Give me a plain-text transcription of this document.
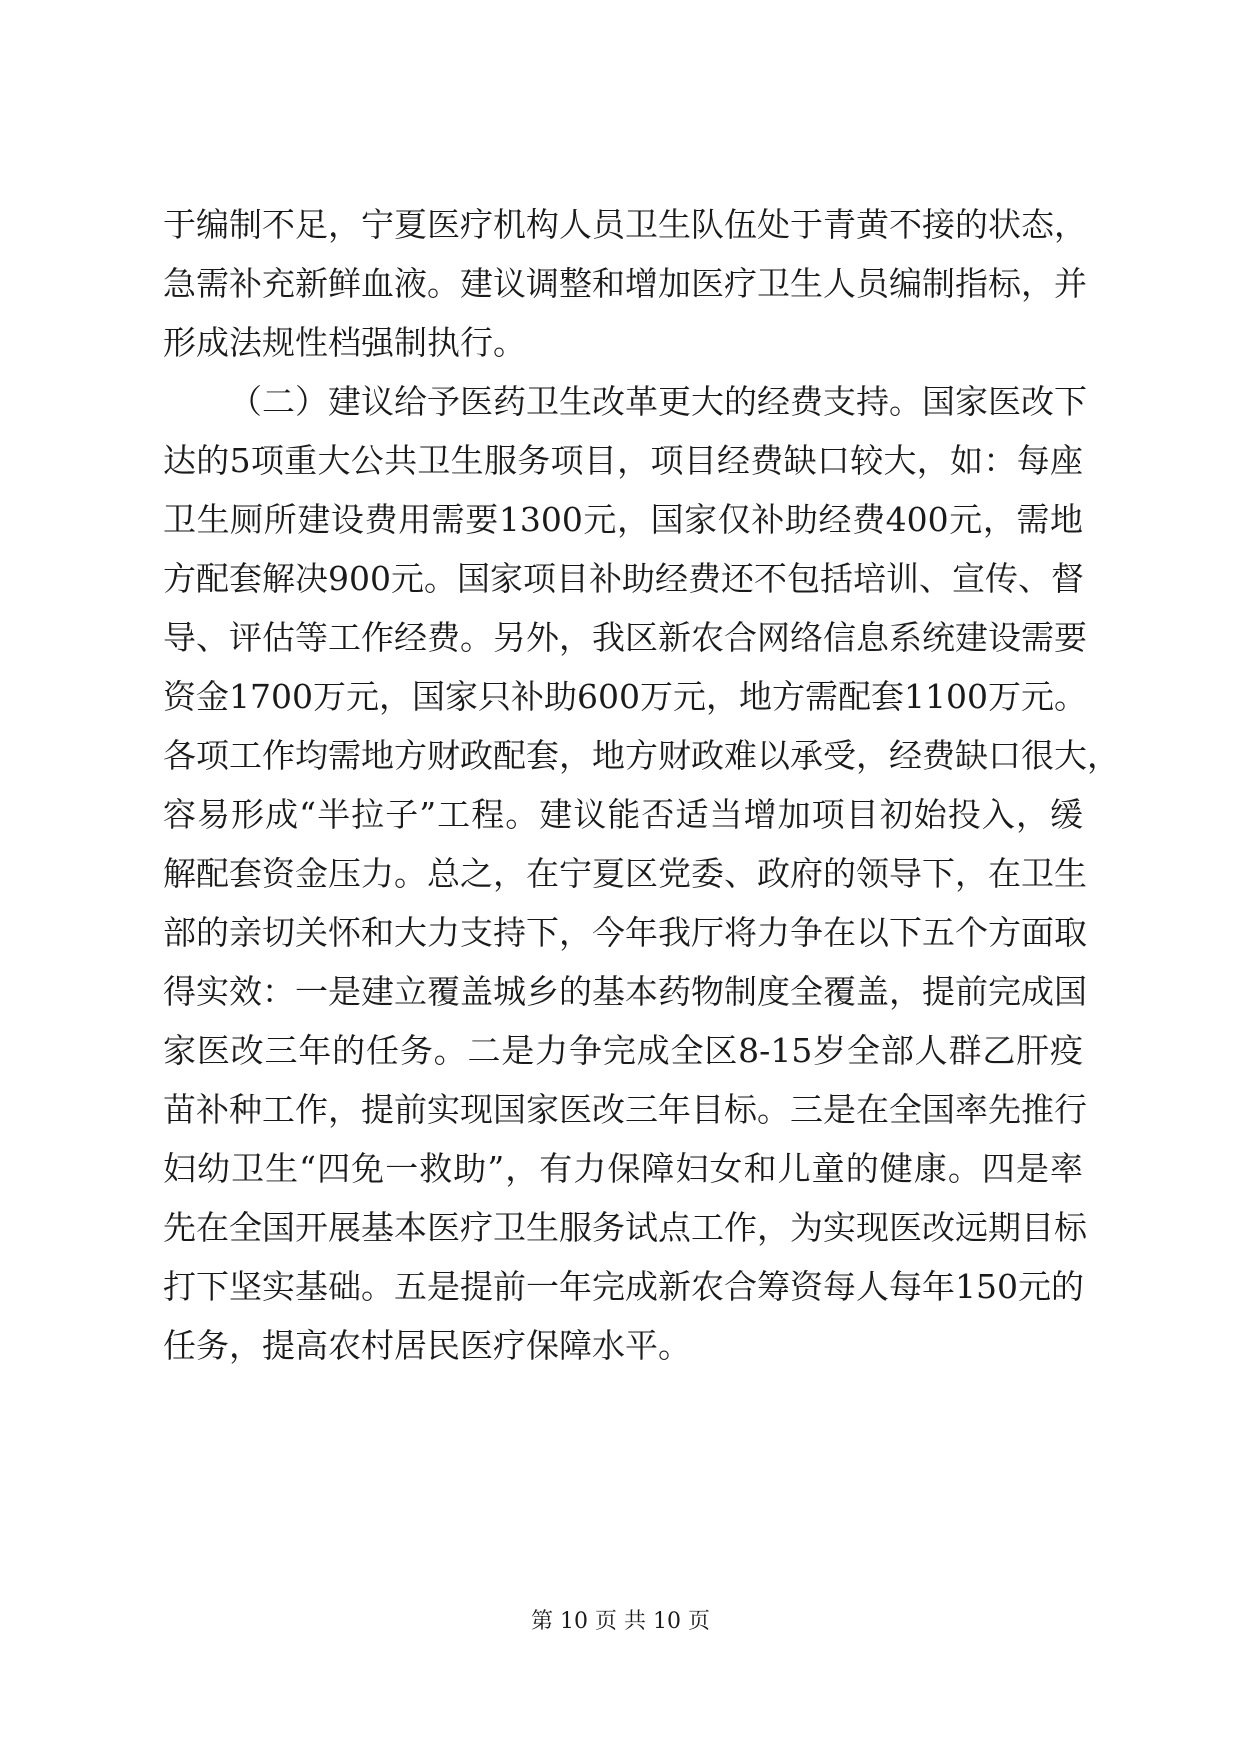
于编制不足，宁夏医疗机构人员卫生队伍处于青黄不接的状态，
急需补充新鲜血液。建议调整和增加医疗卫生人员编制指标，并
形成法规性档强制执行。
（二）建议给予医药卫生改革更大的经费支持。国家医改下
达的5项重大公共卫生服务项目，项目经费缺口较大，如：每座
卫生厕所建设费用需要1300元，国家仅补助经费400元，需地
方配套解决900元。国家项目补助经费还不包括培训、宣传、督
导、评估等工作经费。另外，我区新农合网络信息系统建设需要
资金1700万元，国家只补助600万元，地方需配套1100万元。
各项工作均需地方财政配套，地方财政难以承受，经费缺口很大，
容易形成“半拉子”工程。建议能否适当增加项目初始投入，缓
解配套资金压力。总之，在宁夏区党委、政府的领导下，在卫生
部的亲切关怀和大力支持下，今年我厅将力争在以下五个方面取
得实效：一是建立覆盖城乡的基本药物制度全覆盖，提前完成国
家医改三年的任务。二是力争完成全区8-15岁全部人群乙肝疫
苗补种工作，提前实现国家医改三年目标。三是在全国率先推行
妇幼卫生“四免一救助”，有力保障妇女和儿童的健康。四是率
先在全国开展基本医疗卫生服务试点工作，为实现医改远期目标
打下坚实基础。五是提前一年完成新农合筹资每人每年150元的
任务，提高农村居民医疗保障水平。
第 10 页 共 10 页
